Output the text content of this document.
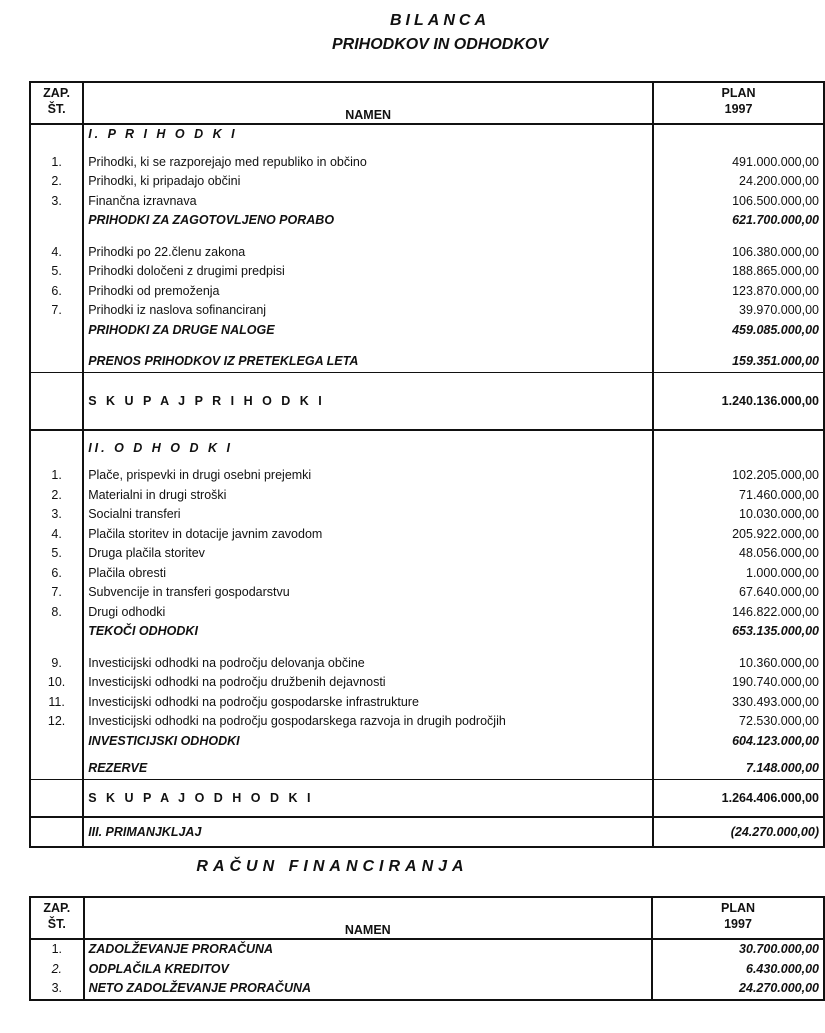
BILANCA
PRIHODKOV IN ODHODKOV
ZAP.
ŠT.	NAMEN	PLAN
1997
	I. P R I H O D K I	

1.	Prihodki, ki se razporejajo med republiko in občino	491.000.000,00
2.	Prihodki, ki pripadajo občini	24.200.000,00
3.	Finančna izravnava	106.500.000,00
	PRIHODKI ZA ZAGOTOVLJENO PORABO	621.700.000,00

4.	Prihodki po 22.členu zakona	106.380.000,00
5.	Prihodki določeni z drugimi predpisi	188.865.000,00
6.	Prihodki od premoženja	123.870.000,00
7.	Prihodki iz naslova sofinanciranj	39.970.000,00
	PRIHODKI ZA DRUGE NALOGE	459.085.000,00

	PRENOS PRIHODKOV IZ PRETEKLEGA LETA	159.351.000,00
	S K U P A J P R I H O D K I	1.240.136.000,00
	II. O D H O D K I	

1.	Plače, prispevki in drugi osebni prejemki	102.205.000,00
2.	Materialni in drugi stroški	71.460.000,00
3.	Socialni transferi	10.030.000,00
4.	Plačila storitev in dotacije javnim zavodom	205.922.000,00
5.	Druga plačila storitev	48.056.000,00
6.	Plačila obresti	1.000.000,00
7.	Subvencije in transferi gospodarstvu	67.640.000,00
8.	Drugi odhodki	146.822.000,00
	TEKOČI ODHODKI	653.135.000,00

9.	Investicijski odhodki na področju delovanja občine	10.360.000,00
10.	Investicijski odhodki na področju družbenih dejavnosti	190.740.000,00
11.	Investicijski odhodki na področju gospodarske infrastrukture	330.493.000,00
12.	Investicijski odhodki na področju gospodarskega razvoja in drugih področjih	72.530.000,00
	INVESTICIJSKI ODHODKI	604.123.000,00

	REZERVE	7.148.000,00
	S K U P A J O D H O D K I	1.264.406.000,00
	III. PRIMANJKLJAJ	(24.270.000,00)
RAČUN FINANCIRANJA
ZAP.
ŠT.	NAMEN	PLAN
1997
1.	ZADOLŽEVANJE PRORAČUNA	30.700.000,00
2.	ODPLAČILA KREDITOV	6.430.000,00
3.	NETO ZADOLŽEVANJE PRORAČUNA	24.270.000,00
